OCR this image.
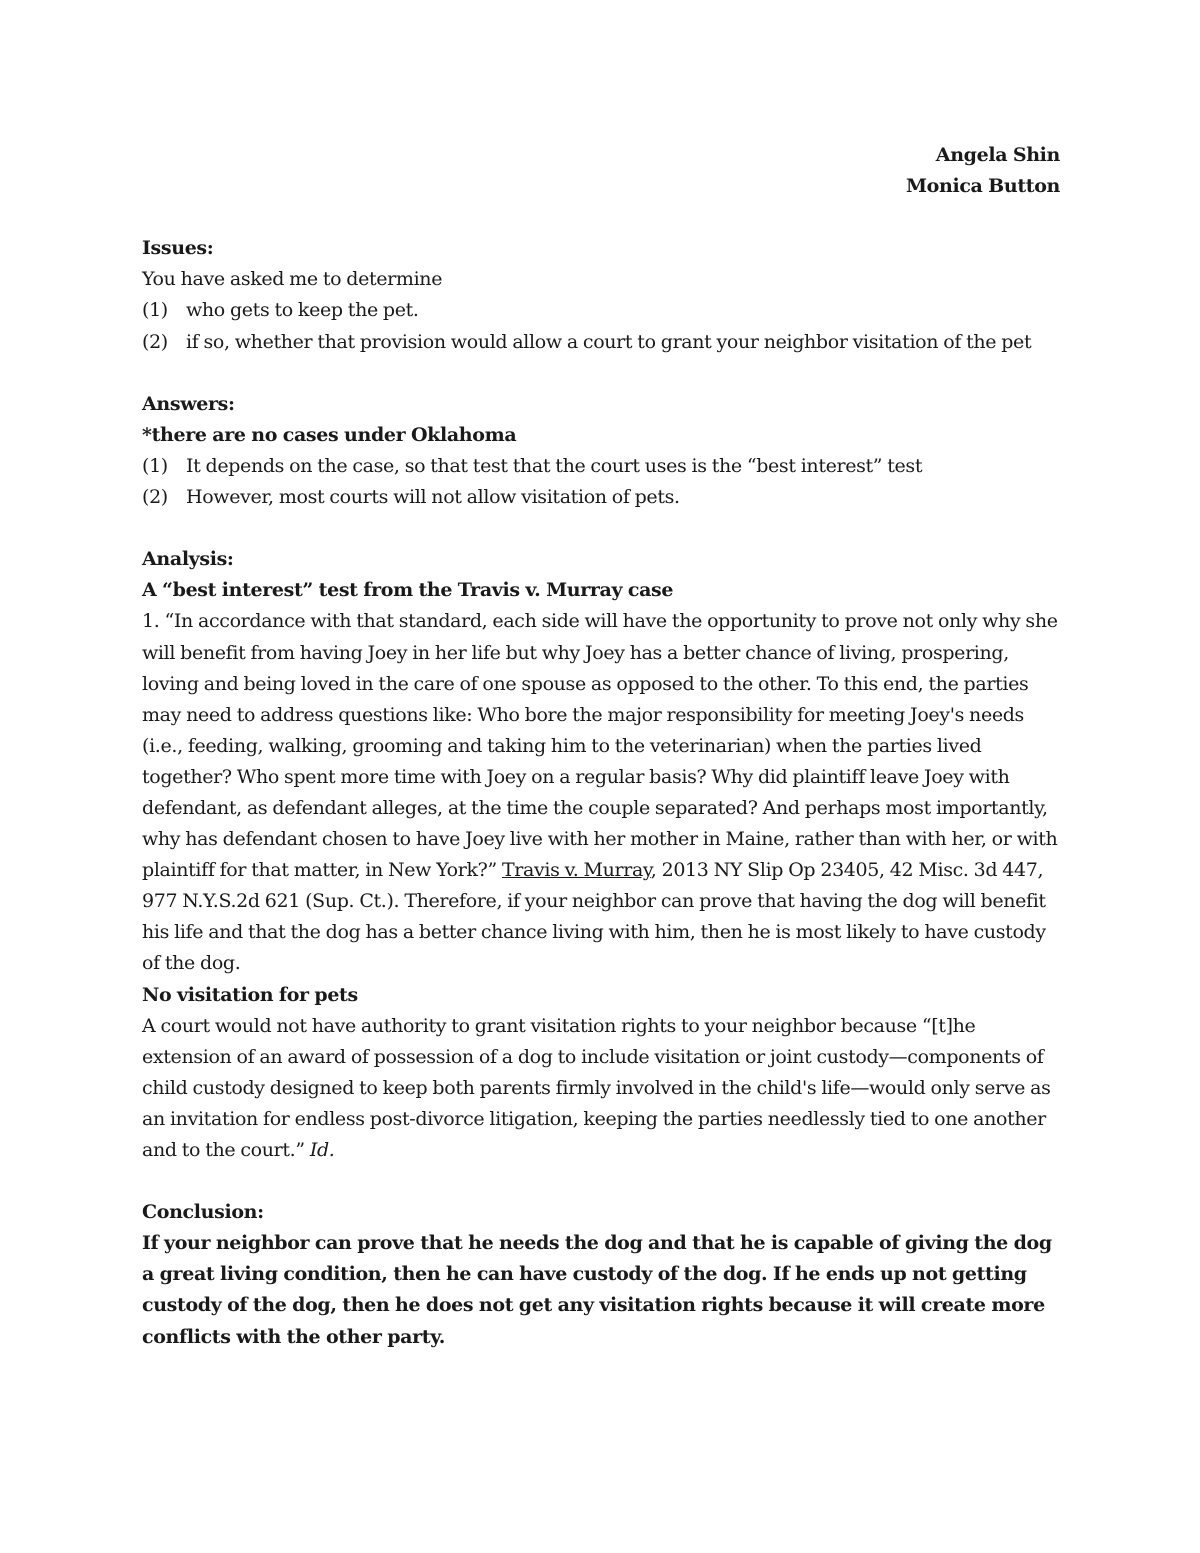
Angela Shin
Monica Button
Issues:
You have asked me to determine
(1) who gets to keep the pet.
(2) if so, whether that provision would allow a court to grant your neighbor visitation of the pet
Answers:
*there are no cases under Oklahoma
(1) It depends on the case, so that test that the court uses is the “best interest” test
(2) However, most courts will not allow visitation of pets.
Analysis:
A “best interest” test from the Travis v. Murray case

1. “In accordance with that standard, each side will have the opportunity to prove not only why she will benefit from having Joey in her life but why Joey has a better chance of living, prospering, loving and being loved in the care of one spouse as opposed to the other. To this end, the parties may need to address questions like: Who bore the major responsibility for meeting Joey's needs (i.e., feeding, walking, grooming and taking him to the veterinarian) when the parties lived together? Who spent more time with Joey on a regular basis? Why did plaintiff leave Joey with defendant, as defendant alleges, at the time the couple separated? And perhaps most importantly, why has defendant chosen to have Joey live with her mother in Maine, rather than with her, or with plaintiff for that matter, in New York?” Travis v. Murray, 2013 NY Slip Op 23405, 42 Misc. 3d 447, 977 N.Y.S.2d 621 (Sup. Ct.). Therefore, if your neighbor can prove that having the dog will benefit his life and that the dog has a better chance living with him, then he is most likely to have custody of the dog.

No visitation for pets

A court would not have authority to grant visitation rights to your neighbor because “[t]he extension of an award of possession of a dog to include visitation or joint custody—components of child custody designed to keep both parents firmly involved in the child's life—would only serve as an invitation for endless post-divorce litigation, keeping the parties needlessly tied to one another and to the court.” Id.

Conclusion:

If your neighbor can prove that he needs the dog and that he is capable of giving the dog a great living condition, then he can have custody of the dog. If he ends up not getting custody of the dog, then he does not get any visitation rights because it will create more conflicts with the other party.
